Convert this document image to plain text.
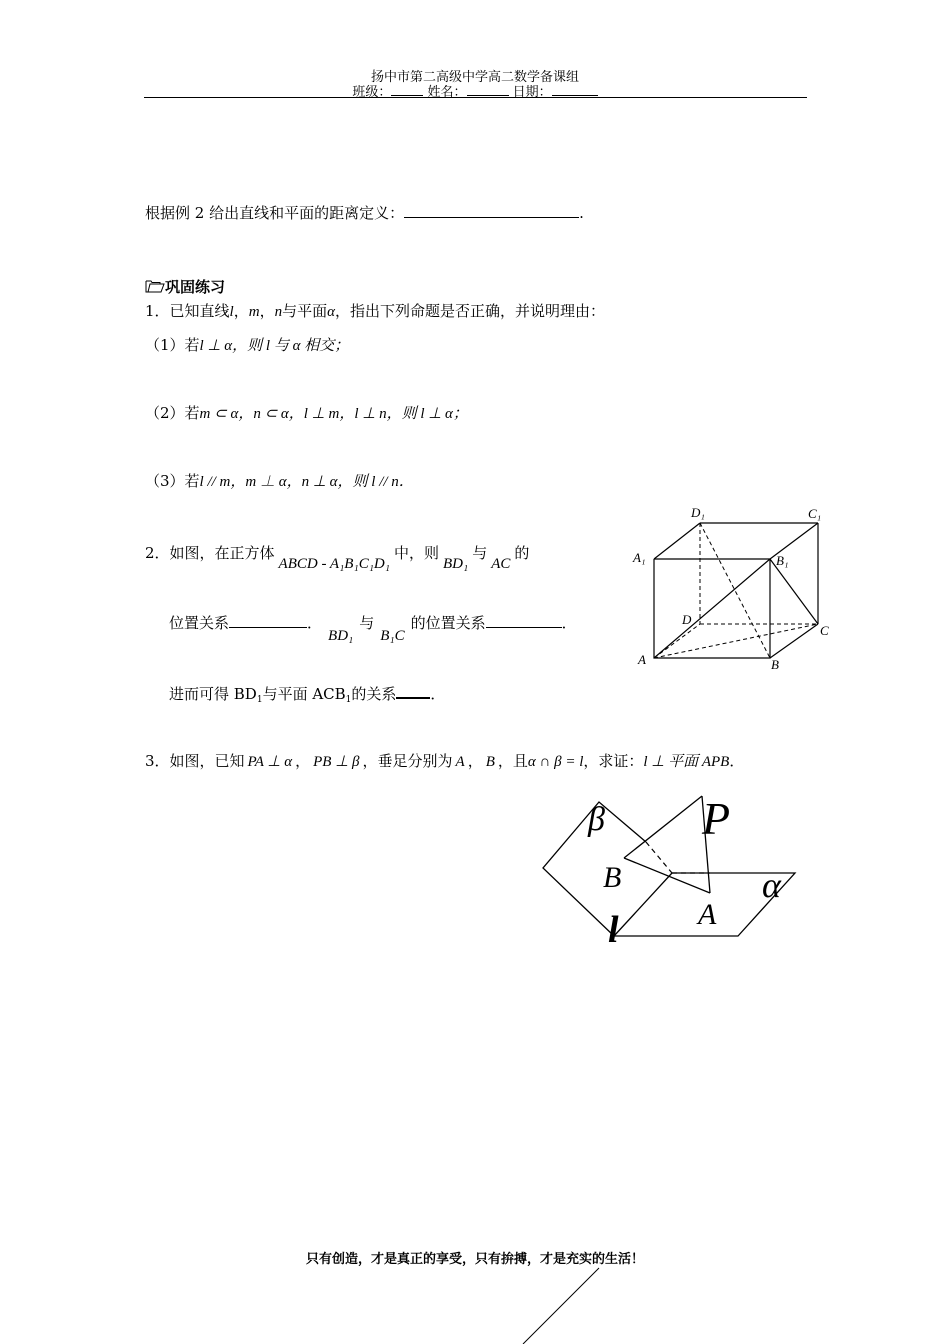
扬中市第二高级中学高二数学备课组
班级：	姓名：	日期：
根据例 2 给出直线和平面的距离定义：	.
巩固练习
1．已知直线l，m，n与平面α，指出下列命题是否正确，并说明理由：
（1）若l ⊥ α，则 l 与 α 相交；
（2）若m ⊂ α，n ⊂ α，l ⊥ m，l ⊥ n，则 l ⊥ α；
（3）若l // m，m ⊥ α，n ⊥ α，则 l // n．
2．如图，在正方体ABCD - A₁B₁C₁D₁中，则BD₁与AC的
位置关系	．BD₁与B₁C的位置关系	．
进而可得 $BD_1$与平面 $ACB_1$的关系 ．
D₁	C₁
A₁	B₁
D
C
A	B
3．如图，已知 PA ⊥ α ， PB ⊥ β ，垂足分别为 A ， B ，且α ∩ β = l，求证：l ⊥ 平面 APB．
β P
B	α
A
l
只有创造，才是真正的享受，只有拚搏，才是充实的生活！
